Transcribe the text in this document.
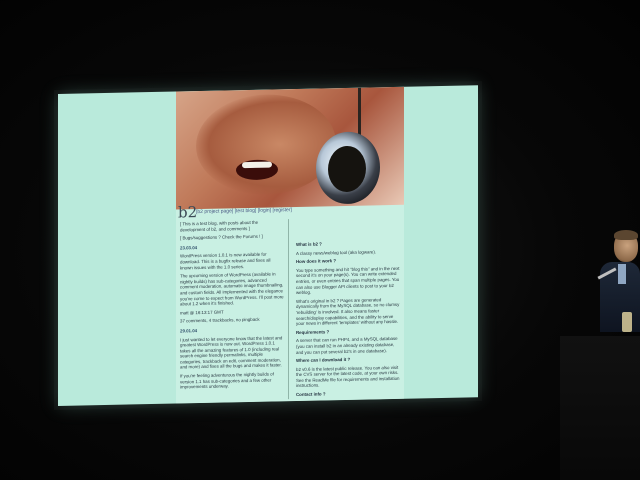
b2
[b2 project page] [test blog] [login] [register]

[ This is a test blog, with posts about the development of b2, and comments ]

[ Bugs/suggestions ? Check the Forums ! ]

23.03.04

WordPress version 1.0.1 is now available for download. This is a bugfix release and fixes all known issues with the 1.0 series.

The upcoming version of WordPress (available in nightly builds) has sub-categories, advanced comment moderation, automatic image thumbnailing, and custom fields. All implemented with the elegance you've come to expect from WordPress. I'll post more about 1.2 when it's finished.

matt @ 16:13:17 GMT

37 comments, 4 trackbacks, no pingback

29.01.04

I just wanted to let everyone know that the latest and greatest WordPress is now out. WordPress 1.0.1 takes all the amazing features of 1.0 (including real search engine friendly permalinks, multiple categories, trackback on edit, comment moderation, and more) and fixes all the bugs and makes it faster.

If you're feeling adventurous the nightly builds of version 1.1 has sub-categories and a few other improvements underway.

What is b2 ?

A classy news/weblog tool (aka logware).

How does it work ?

You type something and hit "blog this" and in the next second it's on your page(s). You can write extended entries, or even entries that span multiple pages. You can also use Blogger API clients to post to your b2 weblog.

What's original in b2 ? Pages are generated dynamically from the MySQL database, so no clumsy 'rebuilding' is involved. It also means faster search/display capabilities, and the ability to serve your news in different 'templates' without any hassle.

Requirements ?

A server that can run PHP4, and a MySQL database (you can install b2 in an already existing database, and you can put several b2's in one database).

Where can I download it ?

b2 v0.6 is the latest public release. You can also visit the CVS server for the latest code, at your own risks. See the ReadMe file for requirements and installation instructions.

Contact info ?
